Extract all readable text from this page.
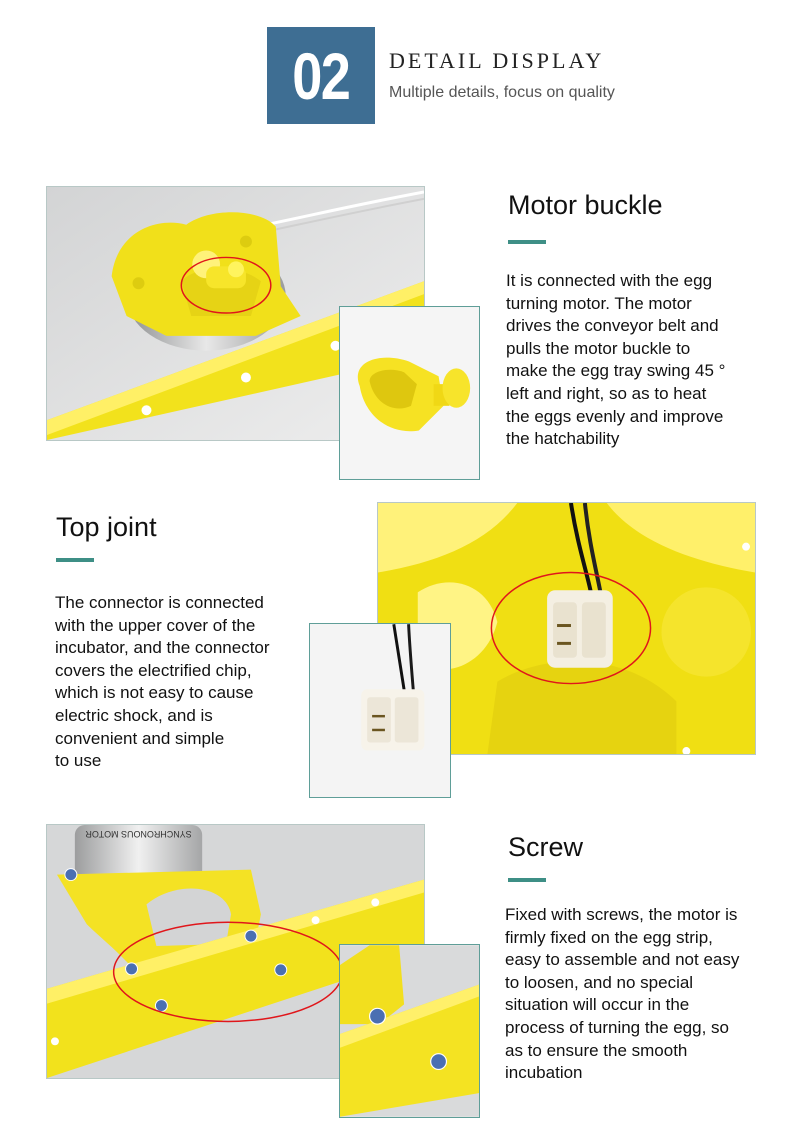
02 DETAIL DISPLAY
Multiple details, focus on quality
Motor buckle
It is connected with the egg
turning motor. The motor
drives the conveyor belt and
pulls the motor buckle to
make the egg tray swing 45 °
left and right, so as to heat
the eggs evenly and improve
the hatchability
Top joint
The connector is connected
with the upper cover of the
incubator, and the connector
covers the electrified chip,
which is not easy to cause
electric shock, and is
convenient and simple
to use
SYNCHRONOUS MOTOR	Screw
Fixed with screws, the motor is
firmly fixed on the egg strip,
easy to assemble and not easy
to loosen, and no special
situation will occur in the
process of turning the egg, so
as to ensure the smooth
incubation
